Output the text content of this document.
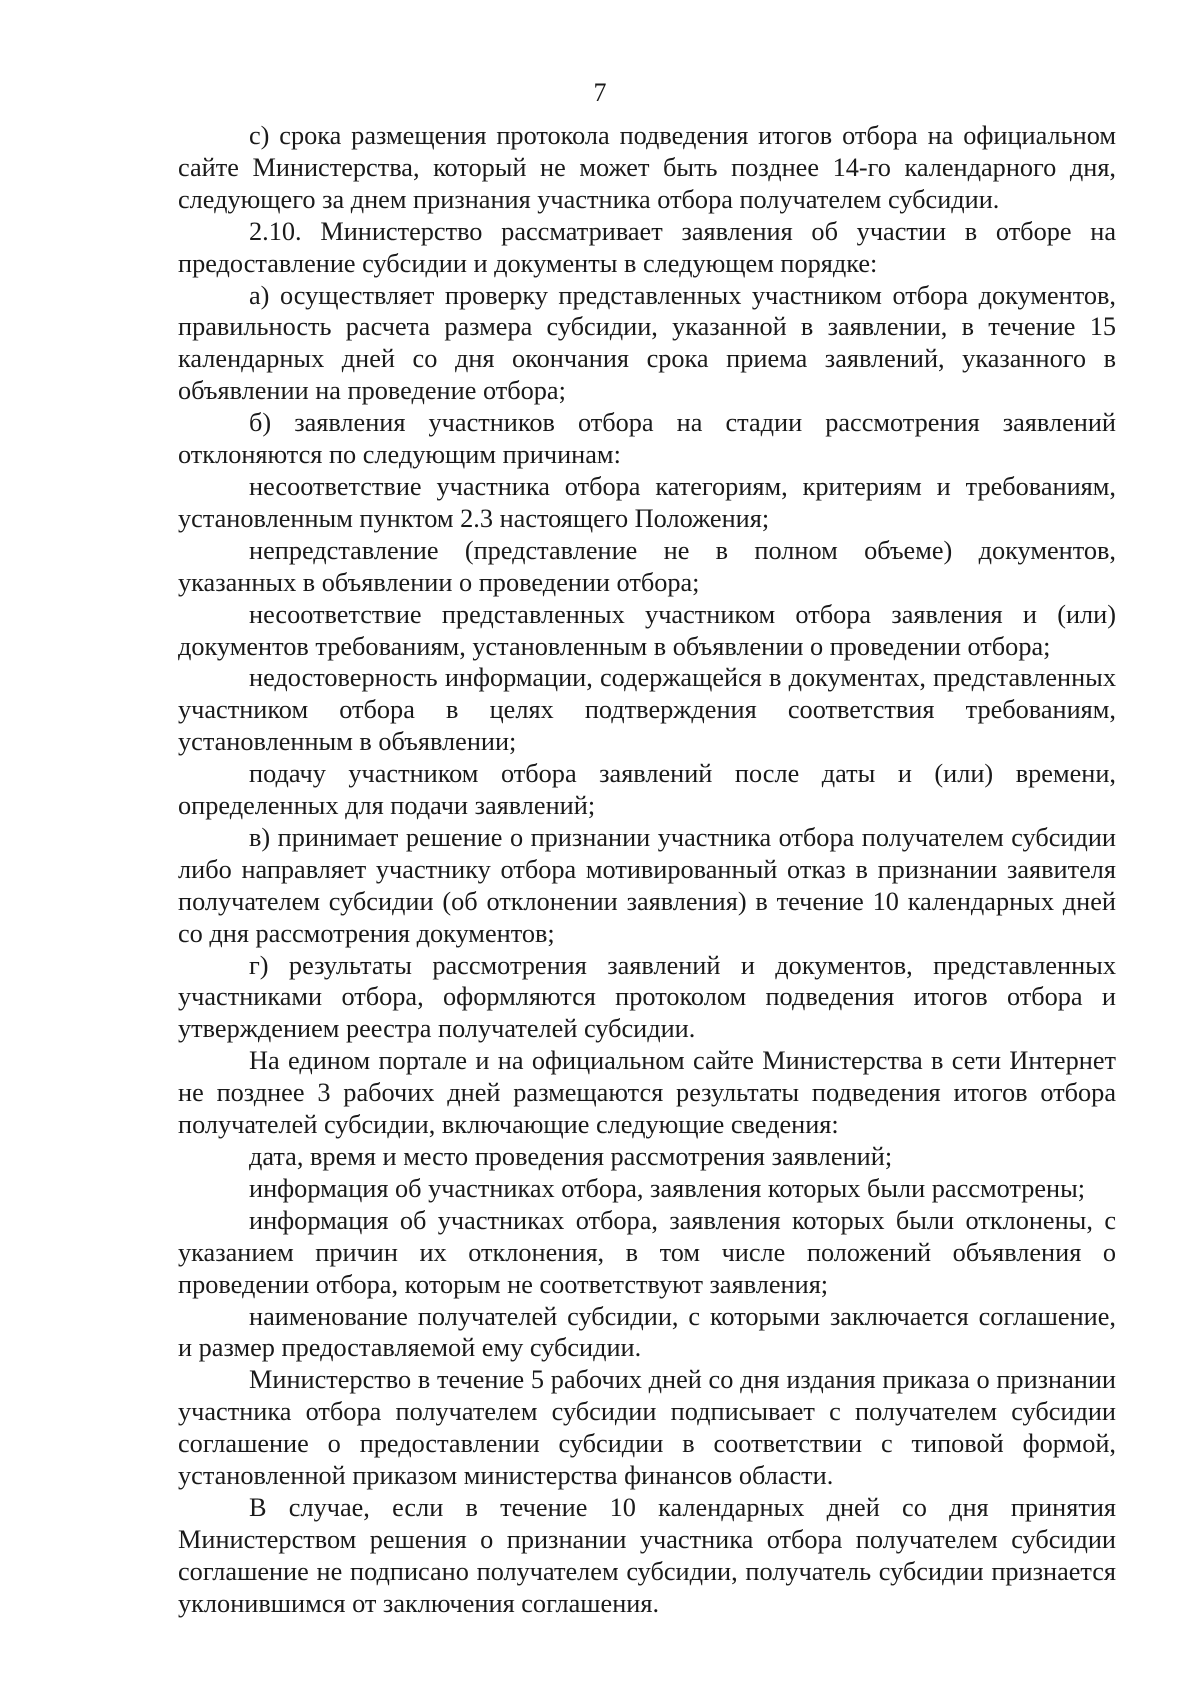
7

с) срока размещения протокола подведения итогов отбора на официальном сайте Министерства, который не может быть позднее 14-го календарного дня, следующего за днем признания участника отбора получателем субсидии.

2.10. Министерство рассматривает заявления об участии в отборе на предоставление субсидии и документы в следующем порядке:

а) осуществляет проверку представленных участником отбора документов, правильность расчета размера субсидии, указанной в заявлении, в течение 15 календарных дней со дня окончания срока приема заявлений, указанного в объявлении на проведение отбора;

б) заявления участников отбора на стадии рассмотрения заявлений отклоняются по следующим причинам:

несоответствие участника отбора категориям, критериям и требованиям, установленным пунктом 2.3 настоящего Положения;

непредставление (представление не в полном объеме) документов, указанных в объявлении о проведении отбора;

несоответствие представленных участником отбора заявления и (или) документов требованиям, установленным в объявлении о проведении отбора;

недостоверность информации, содержащейся в документах, представленных участником отбора в целях подтверждения соответствия требованиям, установленным в объявлении;

подачу участником отбора заявлений после даты и (или) времени, определенных для подачи заявлений;

в) принимает решение о признании участника отбора получателем субсидии либо направляет участнику отбора мотивированный отказ в признании заявителя получателем субсидии (об отклонении заявления) в течение 10 календарных дней со дня рассмотрения документов;

г) результаты рассмотрения заявлений и документов, представленных участниками отбора, оформляются протоколом подведения итогов отбора и утверждением реестра получателей субсидии.

На едином портале и на официальном сайте Министерства в сети Интернет не позднее 3 рабочих дней размещаются результаты подведения итогов отбора получателей субсидии, включающие следующие сведения:

дата, время и место проведения рассмотрения заявлений;

информация об участниках отбора, заявления которых были рассмотрены;

информация об участниках отбора, заявления которых были отклонены, с указанием причин их отклонения, в том числе положений объявления о проведении отбора, которым не соответствуют заявления;

наименование получателей субсидии, с которыми заключается соглашение, и размер предоставляемой ему субсидии.

Министерство в течение 5 рабочих дней со дня издания приказа о признании участника отбора получателем субсидии подписывает с получателем субсидии соглашение о предоставлении субсидии в соответствии с типовой формой, установленной приказом министерства финансов области.

В случае, если в течение 10 календарных дней со дня принятия Министерством решения о признании участника отбора получателем субсидии соглашение не подписано получателем субсидии, получатель субсидии признается уклонившимся от заключения соглашения.
